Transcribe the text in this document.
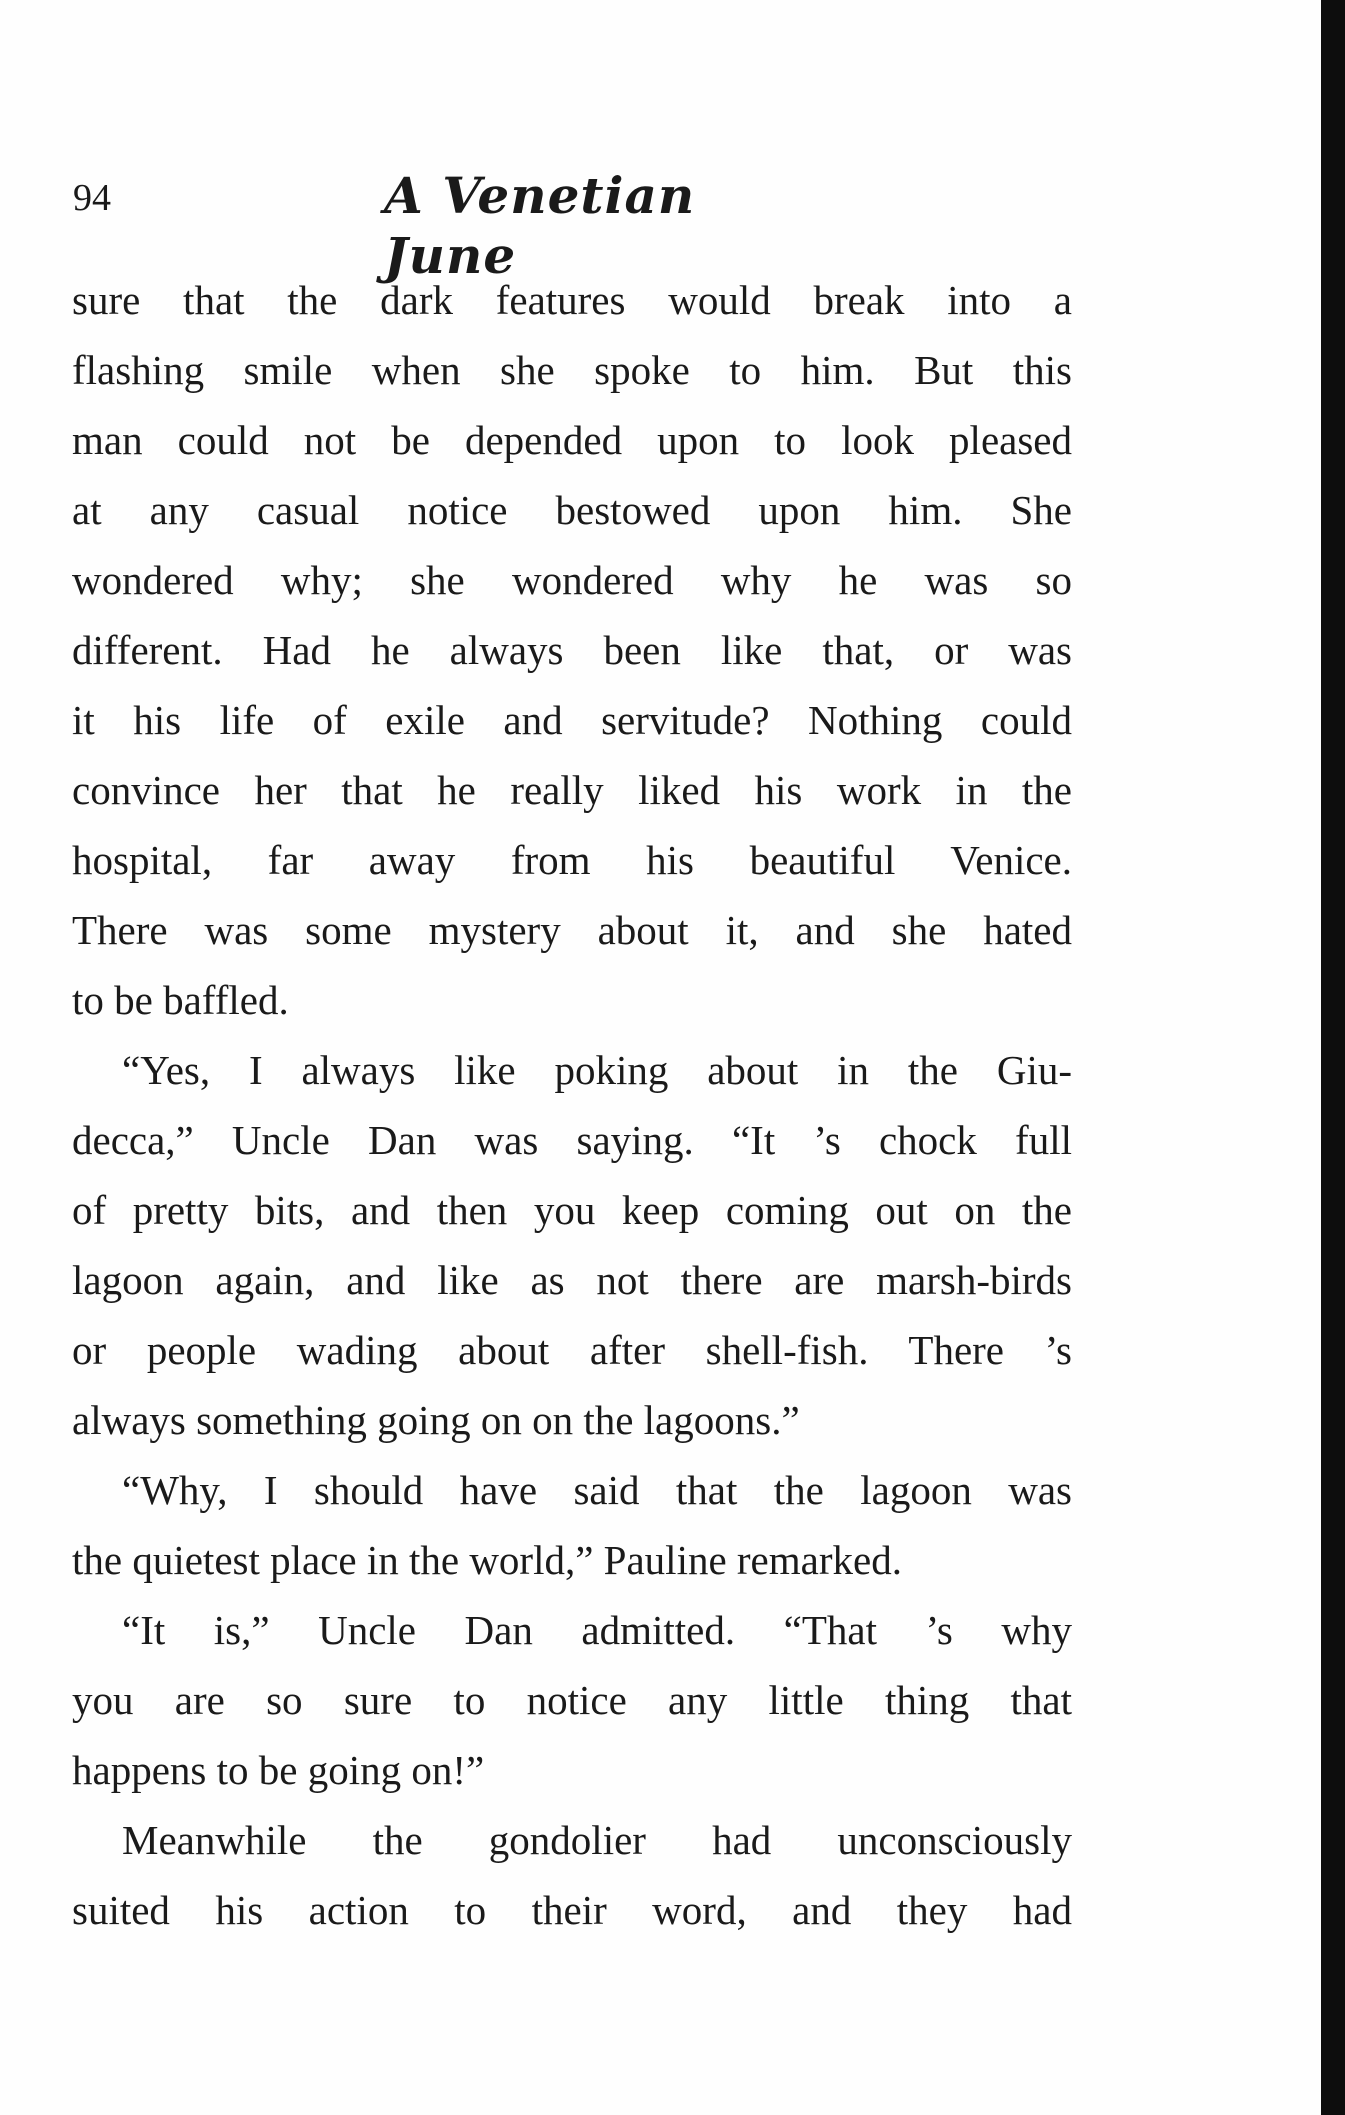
94	A Venetian June
sure that the dark features would break into a
flashing smile when she spoke to him. But this
man could not be depended upon to look pleased
at any casual notice bestowed upon him. She
wondered why; she wondered why he was so
different. Had he always been like that, or was
it his life of exile and servitude? Nothing could
convince her that he really liked his work in the
hospital, far away from his beautiful Venice.
There was some mystery about it, and she hated
to be baffled.
“Yes, I always like poking about in the Giu-
decca,” Uncle Dan was saying. “It ’s chock full
of pretty bits, and then you keep coming out on the
lagoon again, and like as not there are marsh-birds
or people wading about after shell-fish. There ’s
always something going on on the lagoons.”
“Why, I should have said that the lagoon was
the quietest place in the world,” Pauline remarked.
“It is,” Uncle Dan admitted. “That ’s why
you are so sure to notice any little thing that
happens to be going on!”
Meanwhile the gondolier had unconsciously
suited his action to their word, and they had
